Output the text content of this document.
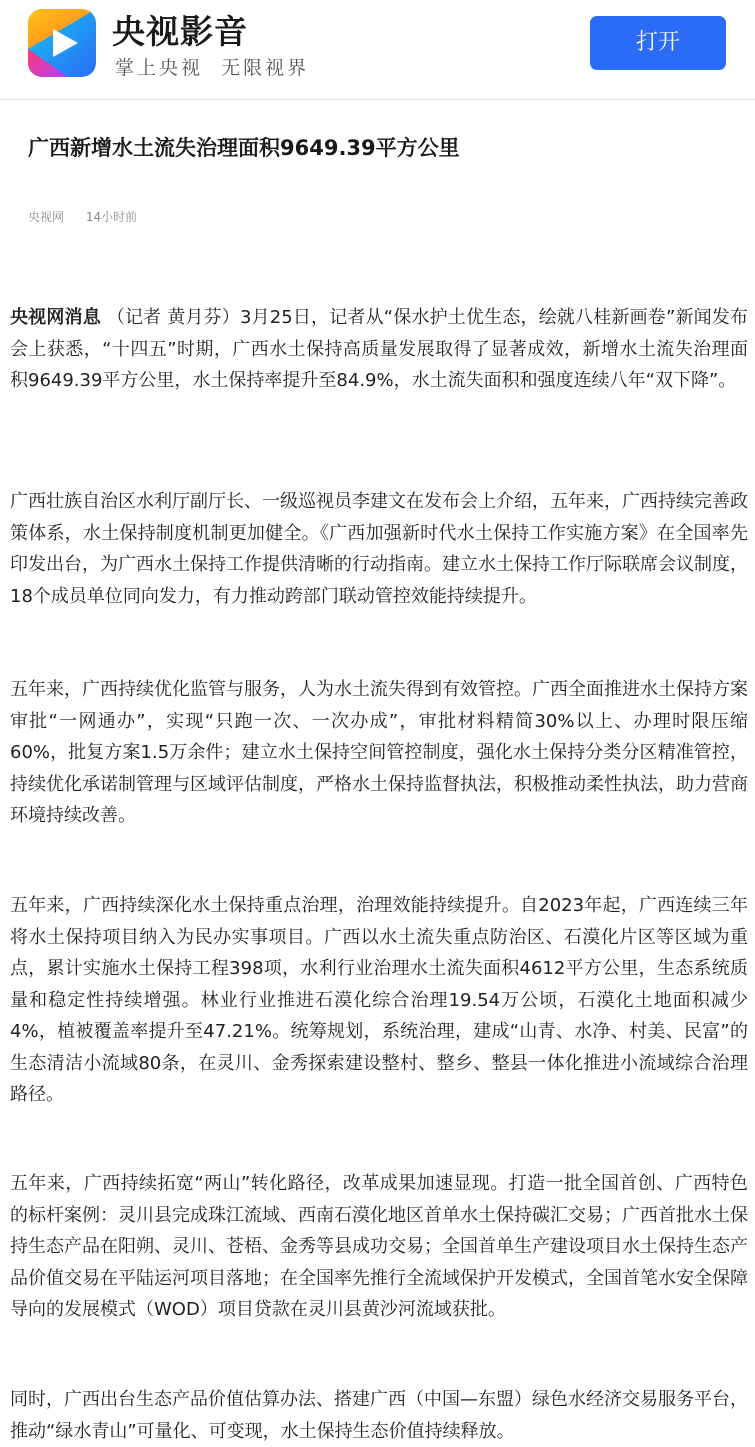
央视影音
掌上央视  无限视界
打开
广西新增水土流失治理面积9649.39平方公里
央视网 14小时前

央视网消息 （记者 黄月芬）3月25日，记者从“保水护土优生态，绘就八桂新画卷”新闻发布会上获悉，“十四五”时期，广西水土保持高质量发展取得了显著成效，新增水土流失治理面积9649.39平方公里，水土保持率提升至84.9%，水土流失面积和强度连续八年“双下降”。

广西壮族自治区水利厅副厅长、一级巡视员李建文在发布会上介绍，五年来，广西持续完善政策体系，水土保持制度机制更加健全。《广西加强新时代水土保持工作实施方案》在全国率先印发出台，为广西水土保持工作提供清晰的行动指南。建立水土保持工作厅际联席会议制度，18个成员单位同向发力，有力推动跨部门联动管控效能持续提升。

五年来，广西持续优化监管与服务，人为水土流失得到有效管控。广西全面推进水土保持方案审批“一网通办”，实现“只跑一次、一次办成”，审批材料精简30%以上、办理时限压缩60%，批复方案1.5万余件；建立水土保持空间管控制度，强化水土保持分类分区精准管控，持续优化承诺制管理与区域评估制度，严格水土保持监督执法，积极推动柔性执法，助力营商环境持续改善。

五年来，广西持续深化水土保持重点治理，治理效能持续提升。自2023年起，广西连续三年将水土保持项目纳入为民办实事项目。广西以水土流失重点防治区、石漠化片区等区域为重点，累计实施水土保持工程398项，水利行业治理水土流失面积4612平方公里，生态系统质量和稳定性持续增强。林业行业推进石漠化综合治理19.54万公顷，石漠化土地面积减少4%，植被覆盖率提升至47.21%。统筹规划，系统治理，建成“山青、水净、村美、民富”的生态清洁小流域80条，在灵川、金秀探索建设整村、整乡、整县一体化推进小流域综合治理路径。

五年来，广西持续拓宽“两山”转化路径，改革成果加速显现。打造一批全国首创、广西特色的标杆案例：灵川县完成珠江流域、西南石漠化地区首单水土保持碳汇交易；广西首批水土保持生态产品在阳朔、灵川、苍梧、金秀等县成功交易；全国首单生产建设项目水土保持生态产品价值交易在平陆运河项目落地；在全国率先推行全流域保护开发模式，全国首笔水安全保障导向的发展模式（WOD）项目贷款在灵川县黄沙河流域获批。

同时，广西出台生态产品价值估算办法、搭建广西（中国—东盟）绿色水经济交易服务平台，推动“绿水青山”可量化、可变现，水土保持生态价值持续释放。
